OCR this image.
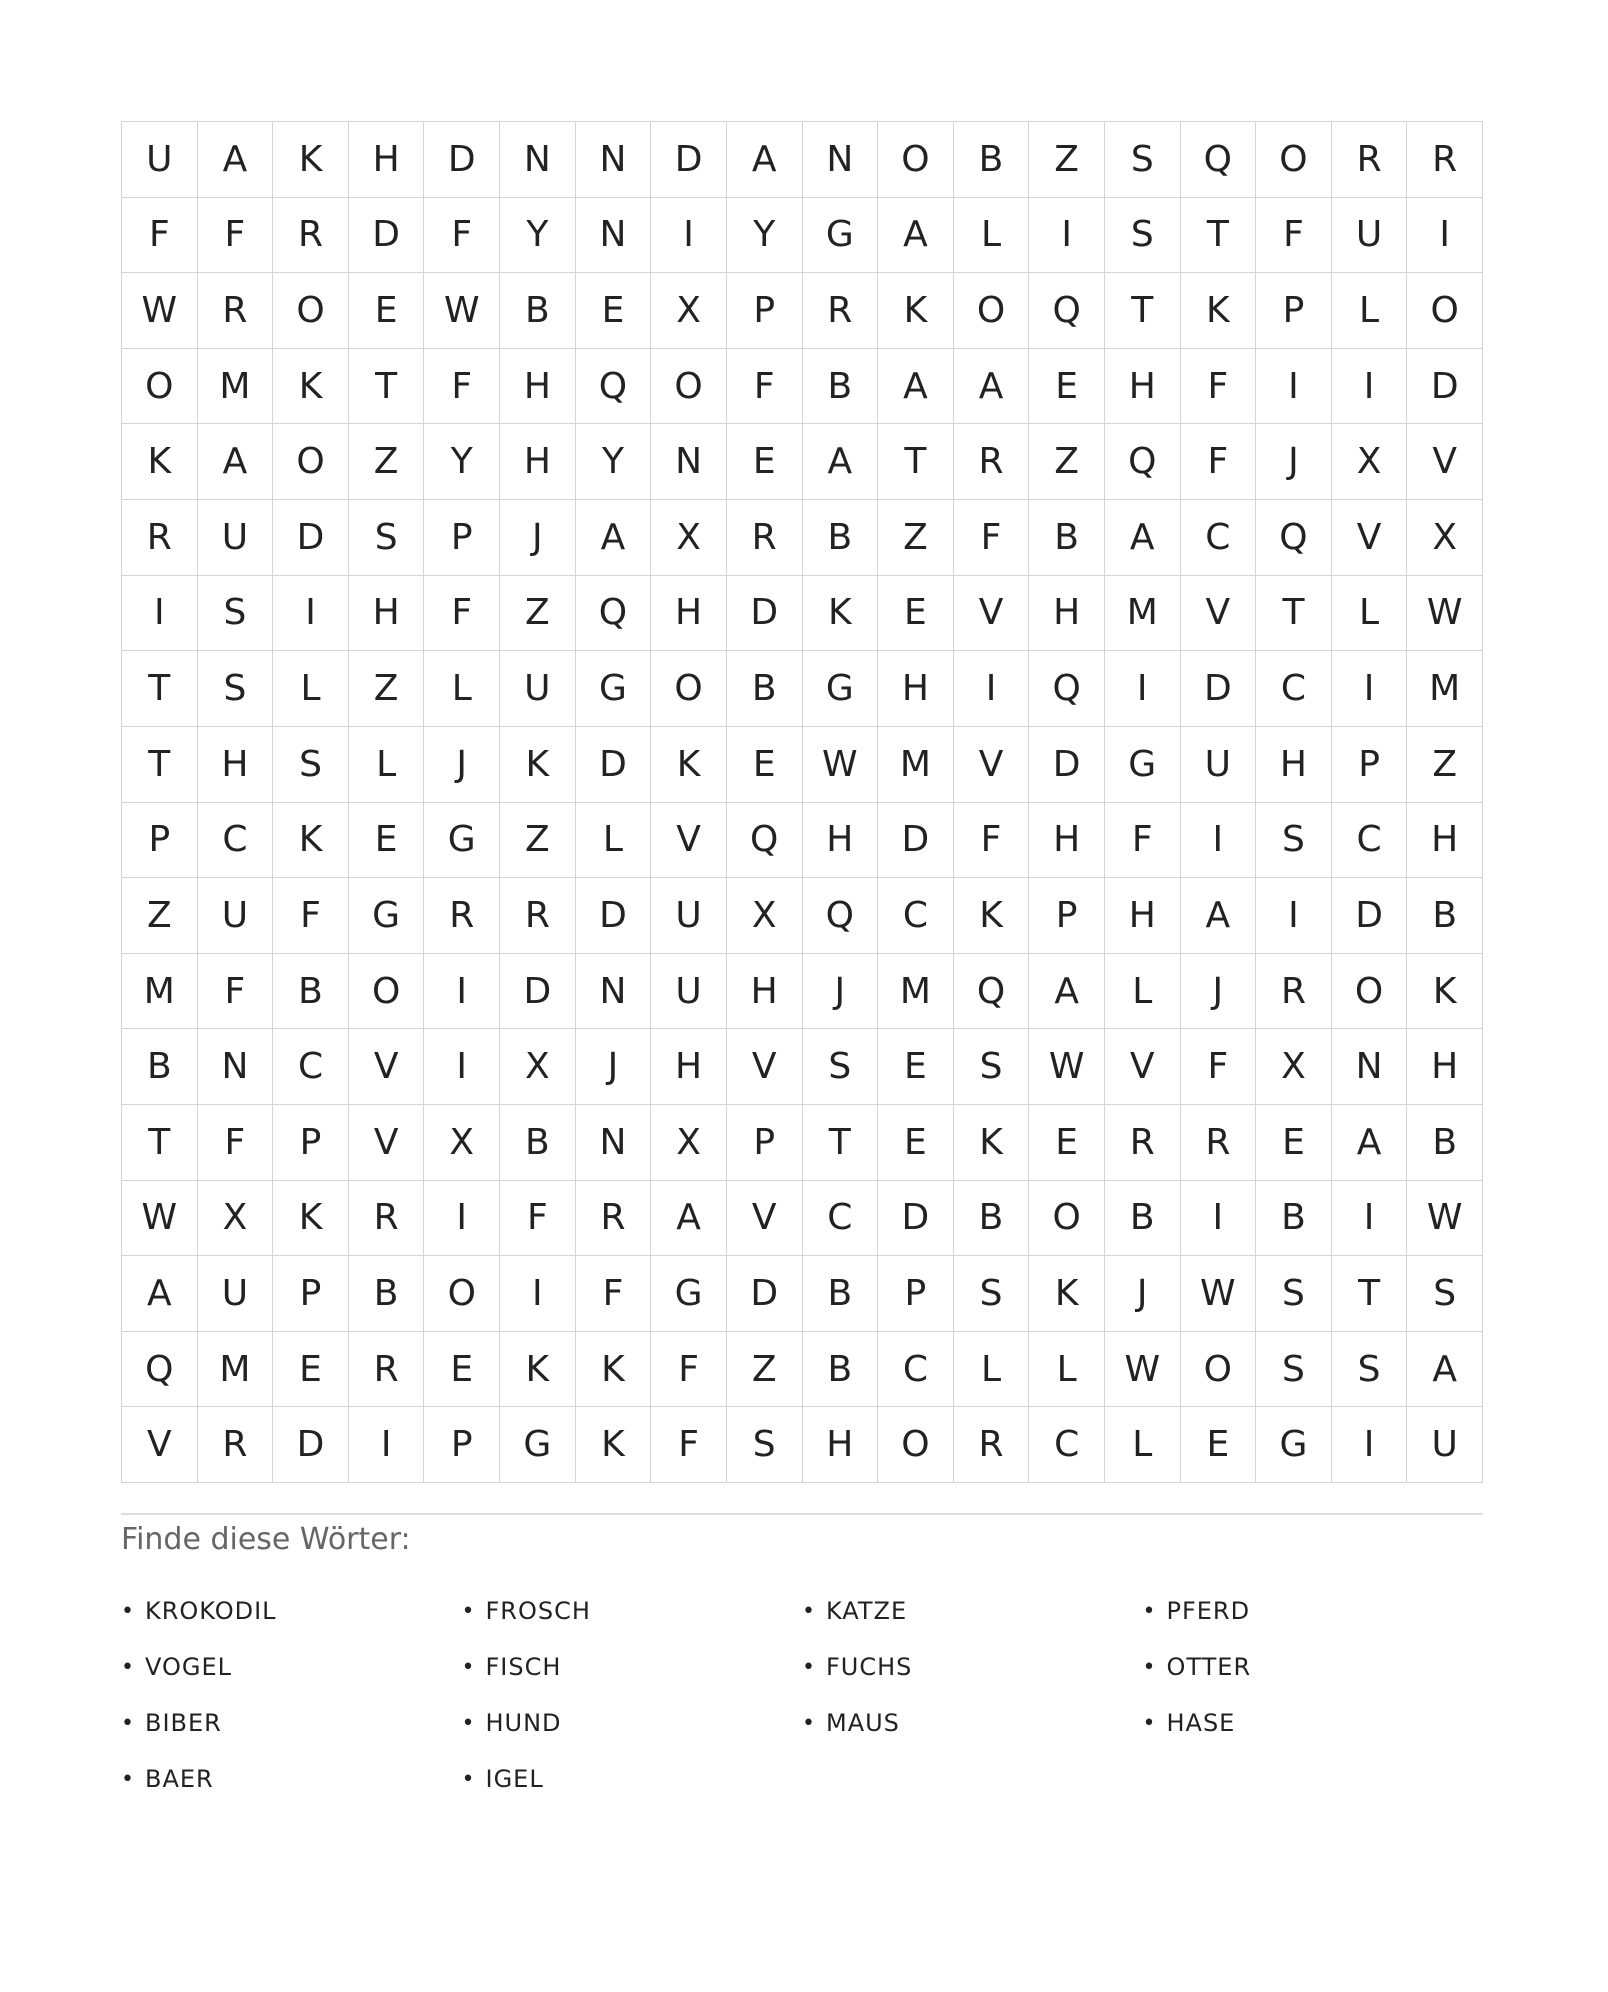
U	A	K	H	D	N	N	D	A	N	O	B	Z	S	Q	O	R	R
F	F	R	D	F	Y	N	I	Y	G	A	L	I	S	T	F	U	I
W	R	O	E	W	B	E	X	P	R	K	O	Q	T	K	P	L	O
O	M	K	T	F	H	Q	O	F	B	A	A	E	H	F	I	I	D
K	A	O	Z	Y	H	Y	N	E	A	T	R	Z	Q	F	J	X	V
R	U	D	S	P	J	A	X	R	B	Z	F	B	A	C	Q	V	X
I	S	I	H	F	Z	Q	H	D	K	E	V	H	M	V	T	L	W
T	S	L	Z	L	U	G	O	B	G	H	I	Q	I	D	C	I	M
T	H	S	L	J	K	D	K	E	W	M	V	D	G	U	H	P	Z
P	C	K	E	G	Z	L	V	Q	H	D	F	H	F	I	S	C	H
Z	U	F	G	R	R	D	U	X	Q	C	K	P	H	A	I	D	B
M	F	B	O	I	D	N	U	H	J	M	Q	A	L	J	R	O	K
B	N	C	V	I	X	J	H	V	S	E	S	W	V	F	X	N	H
T	F	P	V	X	B	N	X	P	T	E	K	E	R	R	E	A	B
W	X	K	R	I	F	R	A	V	C	D	B	O	B	I	B	I	W
A	U	P	B	O	I	F	G	D	B	P	S	K	J	W	S	T	S
Q	M	E	R	E	K	K	F	Z	B	C	L	L	W	O	S	S	A
V	R	D	I	P	G	K	F	S	H	O	R	C	L	E	G	I	U
Finde diese Wörter:
• KROKODIL	• FROSCH	• KATZE	• PFERD
• VOGEL	• FISCH	• FUCHS	• OTTER
• BIBER	• HUND	• MAUS	• HASE
• BAER	• IGEL
